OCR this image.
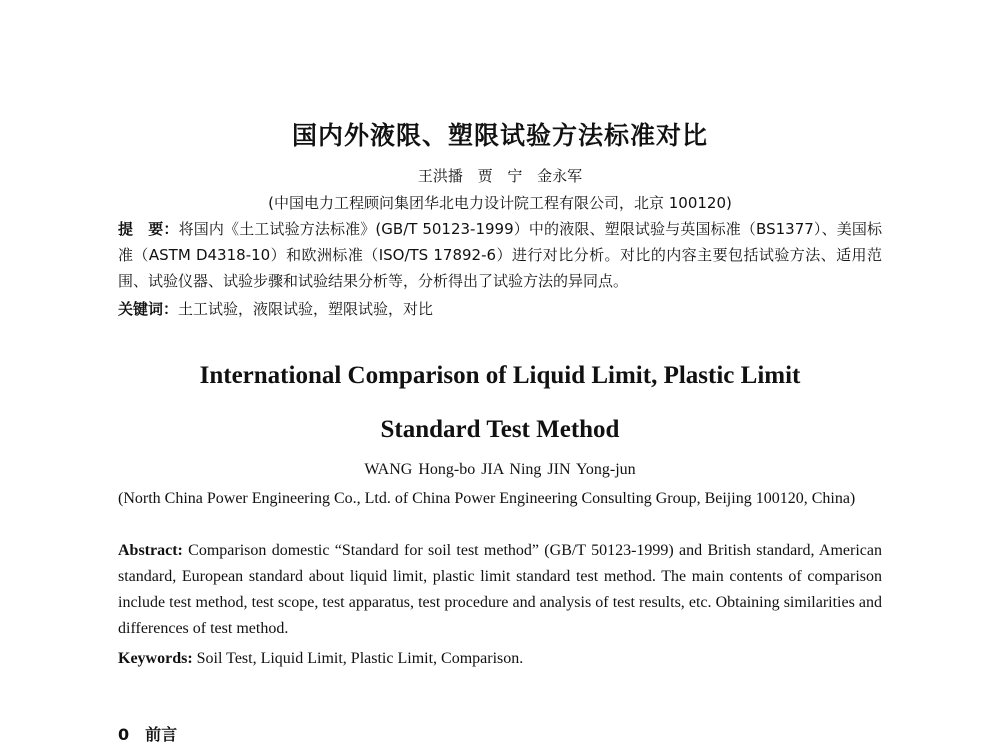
国内外液限、塑限试验方法标准对比
王洪播 贾 宁 金永军
(中国电力工程顾问集团华北电力设计院工程有限公司，北京 100120)
提　要：将国内《土工试验方法标准》(GB/T 50123-1999）中的液限、塑限试验与英国标准（BS1377）、美国标准（ASTM D4318-10）和欧洲标准（ISO/TS 17892-6）进行对比分析。对比的内容主要包括试验方法、适用范围、试验仪器、试验步骤和试验结果分析等，分析得出了试验方法的异同点。
关键词：土工试验，液限试验，塑限试验，对比
International Comparison of Liquid Limit, Plastic Limit
Standard Test Method
WANG Hong-bo JIA Ning JIN Yong-jun
(North China Power Engineering Co., Ltd. of China Power Engineering Consulting Group, Beijing 100120, China)
Abstract: Comparison domestic “Standard for soil test method” (GB/T 50123-1999) and British standard, American standard, European standard about liquid limit, plastic limit standard test method. The main contents of comparison include test method, test scope, test apparatus, test procedure and analysis of test results, etc. Obtaining similarities and differences of test method.
Keywords: Soil Test, Liquid Limit, Plastic Limit, Comparison.
0　前言
